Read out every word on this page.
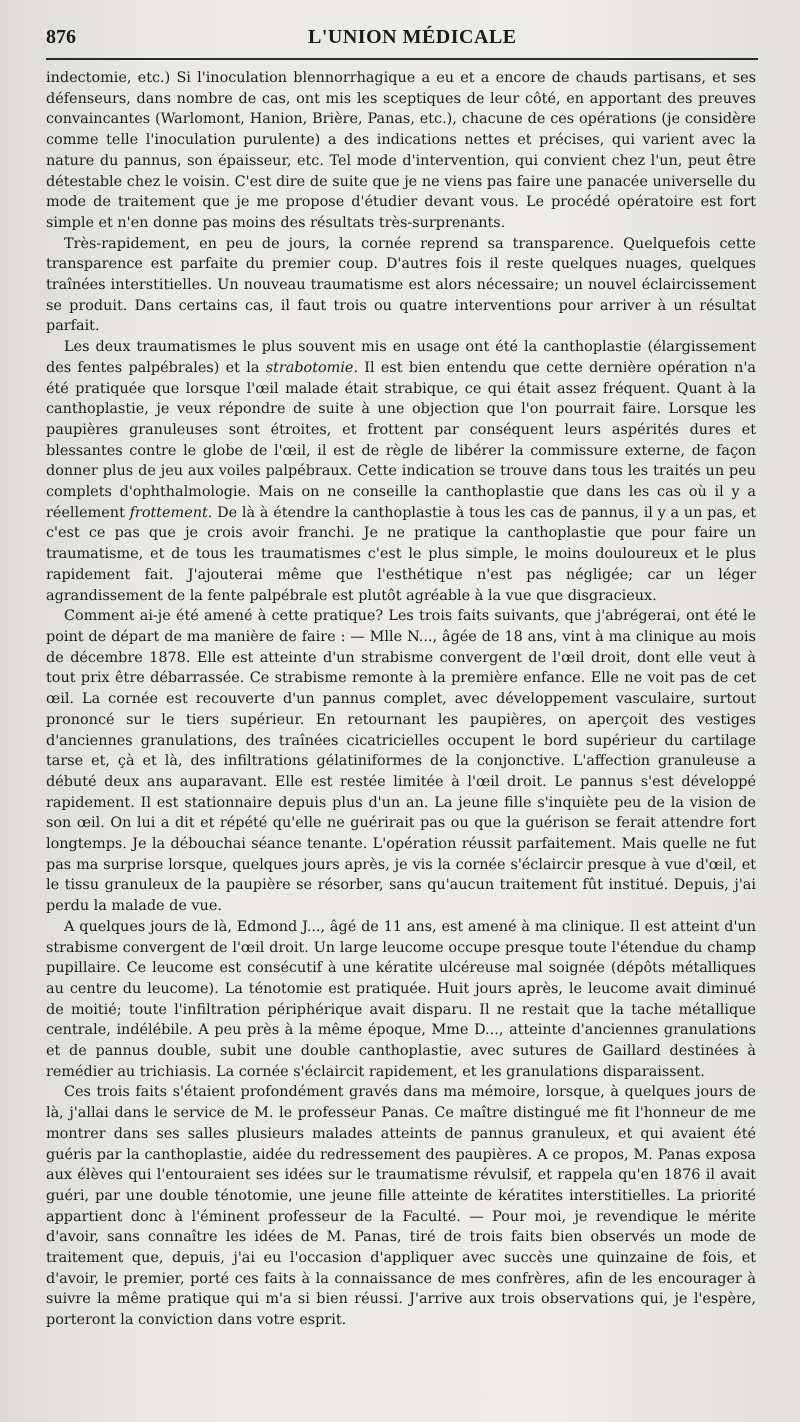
876	L'UNION MÉDICALE

indectomie, etc.) Si l'inoculation blennorrhagique a eu et a encore de chauds partisans, et ses défenseurs, dans nombre de cas, ont mis les sceptiques de leur côté, en apportant des preuves convaincantes (Warlomont, Hanion, Brière, Panas, etc.), chacune de ces opérations (je considère comme telle l'inoculation purulente) a des indications nettes et précises, qui varient avec la nature du pannus, son épaisseur, etc. Tel mode d'intervention, qui convient chez l'un, peut être détestable chez le voisin. C'est dire de suite que je ne viens pas faire une panacée universelle du mode de traitement que je me propose d'étudier devant vous. Le procédé opératoire est fort simple et n'en donne pas moins des résultats très-surprenants.

Très-rapidement, en peu de jours, la cornée reprend sa transparence. Quelquefois cette transparence est parfaite du premier coup. D'autres fois il reste quelques nuages, quelques traînées interstitielles. Un nouveau traumatisme est alors nécessaire; un nouvel éclaircissement se produit. Dans certains cas, il faut trois ou quatre interventions pour arriver à un résultat parfait.

Les deux traumatismes le plus souvent mis en usage ont été la canthoplastie (élargissement des fentes palpébrales) et la strabotomie. Il est bien entendu que cette dernière opération n'a été pratiquée que lorsque l'œil malade était strabique, ce qui était assez fréquent. Quant à la canthoplastie, je veux répondre de suite à une objection que l'on pourrait faire. Lorsque les paupières granuleuses sont étroites, et frottent par conséquent leurs aspérités dures et blessantes contre le globe de l'œil, il est de règle de libérer la commissure externe, de façon donner plus de jeu aux voiles palpébraux. Cette indication se trouve dans tous les traités un peu complets d'ophthalmologie. Mais on ne conseille la canthoplastie que dans les cas où il y a réellement frottement. De là à étendre la canthoplastie à tous les cas de pannus, il y a un pas, et c'est ce pas que je crois avoir franchi. Je ne pratique la canthoplastie que pour faire un traumatisme, et de tous les traumatismes c'est le plus simple, le moins douloureux et le plus rapidement fait. J'ajouterai même que l'esthétique n'est pas négligée; car un léger agrandissement de la fente palpébrale est plutôt agréable à la vue que disgracieux.

Comment ai-je été amené à cette pratique? Les trois faits suivants, que j'abrégerai, ont été le point de départ de ma manière de faire : — Mlle N..., âgée de 18 ans, vint à ma clinique au mois de décembre 1878. Elle est atteinte d'un strabisme convergent de l'œil droit, dont elle veut à tout prix être débarrassée. Ce strabisme remonte à la première enfance. Elle ne voit pas de cet œil. La cornée est recouverte d'un pannus complet, avec développement vasculaire, surtout prononcé sur le tiers supérieur. En retournant les paupières, on aperçoit des vestiges d'anciennes granulations, des traînées cicatricielles occupent le bord supérieur du cartilage tarse et, çà et là, des infiltrations gélatiniformes de la conjonctive. L'affection granuleuse a débuté deux ans auparavant. Elle est restée limitée à l'œil droit. Le pannus s'est développé rapidement. Il est stationnaire depuis plus d'un an. La jeune fille s'inquiète peu de la vision de son œil. On lui a dit et répété qu'elle ne guérirait pas ou que la guérison se ferait attendre fort longtemps. Je la débouchai séance tenante. L'opération réussit parfaitement. Mais quelle ne fut pas ma surprise lorsque, quelques jours après, je vis la cornée s'éclaircir presque à vue d'œil, et le tissu granuleux de la paupière se résorber, sans qu'aucun traitement fût institué. Depuis, j'ai perdu la malade de vue.

A quelques jours de là, Edmond J..., âgé de 11 ans, est amené à ma clinique. Il est atteint d'un strabisme convergent de l'œil droit. Un large leucome occupe presque toute l'étendue du champ pupillaire. Ce leucome est consécutif à une kératite ulcéreuse mal soignée (dépôts métalliques au centre du leucome). La ténotomie est pratiquée. Huit jours après, le leucome avait diminué de moitié; toute l'infiltration périphérique avait disparu. Il ne restait que la tache métallique centrale, indélébile. A peu près à la même époque, Mme D..., atteinte d'anciennes granulations et de pannus double, subit une double canthoplastie, avec sutures de Gaillard destinées à remédier au trichiasis. La cornée s'éclaircit rapidement, et les granulations disparaissent.

Ces trois faits s'étaient profondément gravés dans ma mémoire, lorsque, à quelques jours de là, j'allai dans le service de M. le professeur Panas. Ce maître distingué me fit l'honneur de me montrer dans ses salles plusieurs malades atteints de pannus granuleux, et qui avaient été guéris par la canthoplastie, aidée du redressement des paupières. A ce propos, M. Panas exposa aux élèves qui l'entouraient ses idées sur le traumatisme révulsif, et rappela qu'en 1876 il avait guéri, par une double ténotomie, une jeune fille atteinte de kératites interstitielles. La priorité appartient donc à l'éminent professeur de la Faculté. — Pour moi, je revendique le mérite d'avoir, sans connaître les idées de M. Panas, tiré de trois faits bien observés un mode de traitement que, depuis, j'ai eu l'occasion d'appliquer avec succès une quinzaine de fois, et d'avoir, le premier, porté ces faits à la connaissance de mes confrères, afin de les encourager à suivre la même pratique qui m'a si bien réussi. J'arrive aux trois observations qui, je l'espère, porteront la conviction dans votre esprit.
